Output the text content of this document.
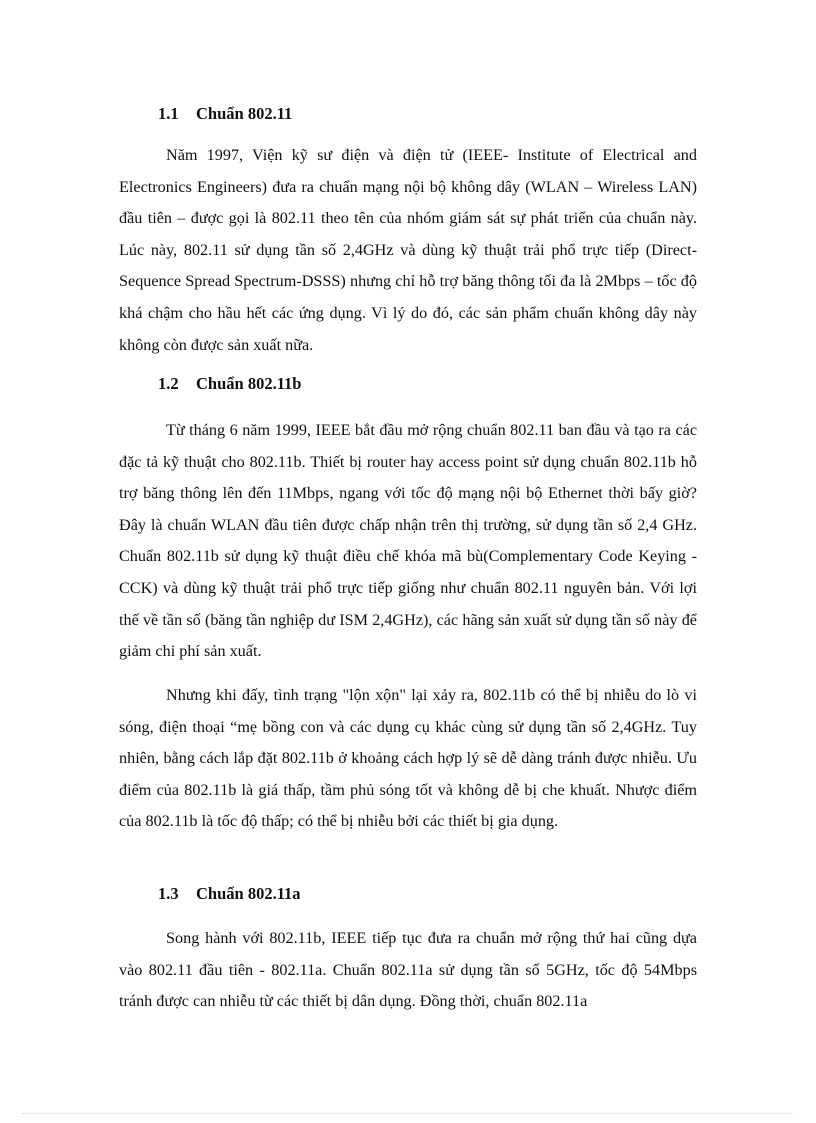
1.1 Chuẩn 802.11

Năm 1997, Viện kỹ sư điện và điện tử (IEEE- Institute of Electrical and Electronics Engineers) đưa ra chuẩn mạng nội bộ không dây (WLAN – Wireless LAN) đầu tiên – được gọi là 802.11 theo tên của nhóm giám sát sự phát triển của chuẩn này. Lúc này, 802.11 sử dụng tần số 2,4GHz và dùng kỹ thuật trải phổ trực tiếp (Direct-Sequence Spread Spectrum-DSSS) nhưng chỉ hỗ trợ băng thông tối đa là 2Mbps – tốc độ khá chậm cho hầu hết các ứng dụng. Vì lý do đó, các sản phẩm chuẩn không dây này không còn được sản xuất nữa.

1.2 Chuẩn 802.11b

Từ tháng 6 năm 1999, IEEE bắt đầu mở rộng chuẩn 802.11 ban đầu và tạo ra các đặc tả kỹ thuật cho 802.11b. Thiết bị router hay access point sử dụng chuẩn 802.11b hỗ trợ băng thông lên đến 11Mbps, ngang với tốc độ mạng nội bộ Ethernet thời bấy giờ? Đây là chuẩn WLAN đầu tiên được chấp nhận trên thị trường, sử dụng tần số 2,4 GHz. Chuẩn 802.11b sử dụng kỹ thuật điều chế khóa mã bù(Complementary Code Keying - CCK) và dùng kỹ thuật trải phổ trực tiếp giống như chuẩn 802.11 nguyên bản. Với lợi thế về tần số (băng tần nghiệp dư ISM 2,4GHz), các hãng sản xuất sử dụng tần số này để giảm chi phí sản xuất.

Nhưng khi đấy, tình trạng "lộn xộn" lại xảy ra, 802.11b có thể bị nhiễu do lò vi sóng, điện thoại “mẹ bồng con và các dụng cụ khác cùng sử dụng tần số 2,4GHz. Tuy nhiên, bằng cách lắp đặt 802.11b ở khoảng cách hợp lý sẽ dễ dàng tránh được nhiễu. Ưu điểm của 802.11b là giá thấp, tầm phủ sóng tốt và không dễ bị che khuất. Nhược điểm của 802.11b là tốc độ thấp; có thể bị nhiễu bởi các thiết bị gia dụng.

1.3 Chuẩn 802.11a

Song hành với 802.11b, IEEE tiếp tục đưa ra chuẩn mở rộng thứ hai cũng dựa vào 802.11 đầu tiên - 802.11a. Chuẩn 802.11a sử dụng tần số 5GHz, tốc độ 54Mbps tránh được can nhiễu từ các thiết bị dân dụng. Đồng thời, chuẩn 802.11a
